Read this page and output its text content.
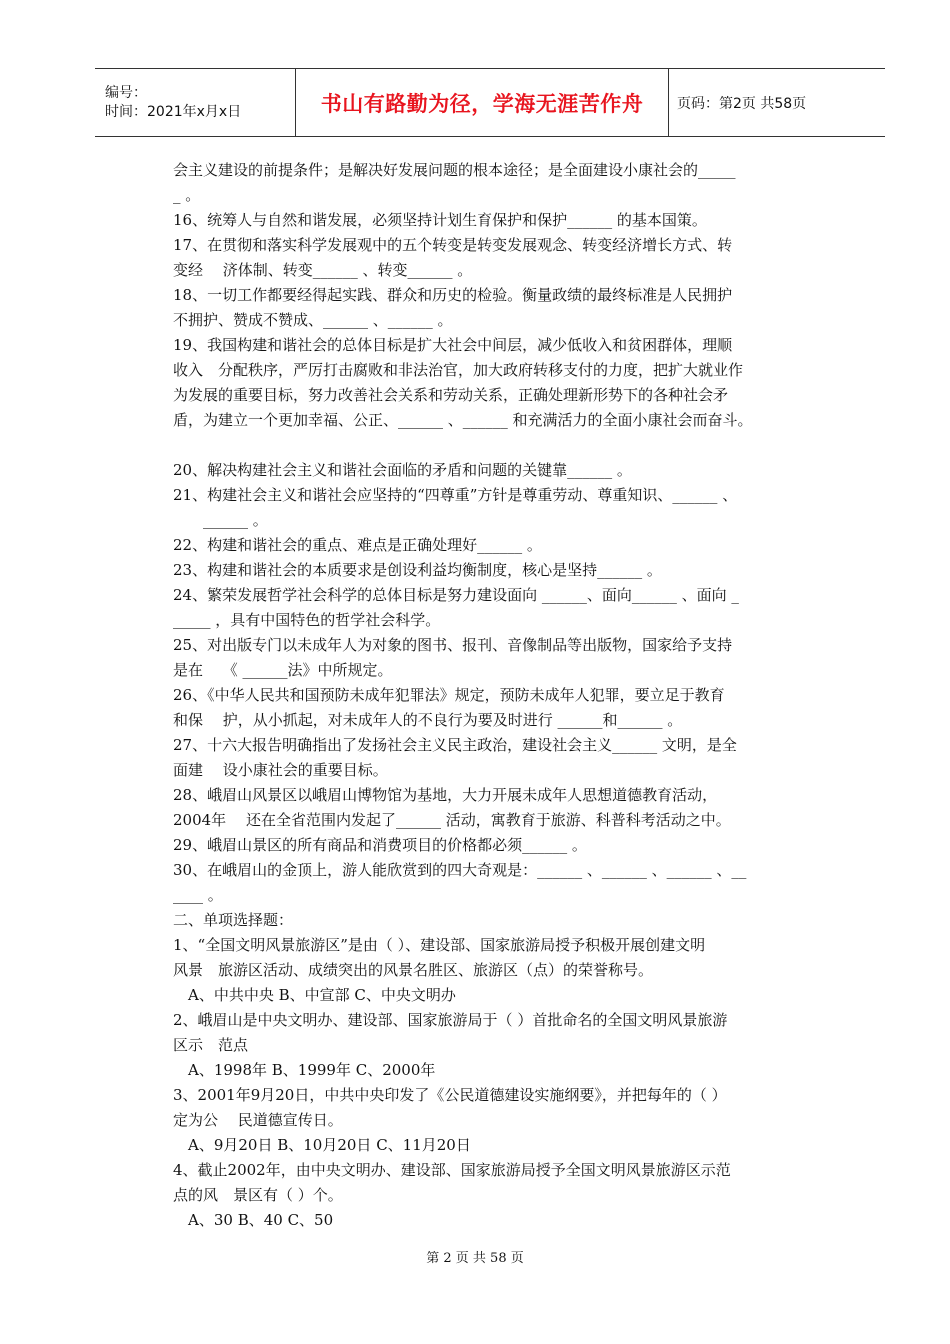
编号：
时间：2021年x月x日	书山有路勤为径，学海无涯苦作舟	页码：第2页 共58页

会主义建设的前提条件；是解决好发展问题的根本途径；是全面建设小康社会的_____

_ 。

16、统筹人与自然和谐发展，必须坚持计划生育保护和保护______ 的基本国策。

17、在贯彻和落实科学发展观中的五个转变是转变发展观念、转变经济增长方式、转

变经　 济体制、转变______ 、转变______ 。

18、一切工作都要经得起实践、群众和历史的检验。衡量政绩的最终标准是人民拥护

不拥护、赞成不赞成、______ 、______ 。

19、我国构建和谐社会的总体目标是扩大社会中间层，减少低收入和贫困群体，理顺

收入　分配秩序，严厉打击腐败和非法治官，加大政府转移支付的力度，把扩大就业作

为发展的重要目标，努力改善社会关系和劳动关系，正确处理新形势下的各种社会矛

盾，为建立一个更加幸福、公正、______ 、______ 和充满活力的全面小康社会而奋斗。

20、解决构建社会主义和谐社会面临的矛盾和问题的关键靠______ 。

21、构建社会主义和谐社会应坚持的“四尊重”方针是尊重劳动、尊重知识、______ 、

　　______ 。

22、构建和谐社会的重点、难点是正确处理好______ 。

23、构建和谐社会的本质要求是创设利益均衡制度，核心是坚持______ 。

24、繁荣发展哲学社会科学的总体目标是努力建设面向 ______、面向______ 、面向 _

_____ ，具有中国特色的哲学社会科学。

25、对出版专门以未成年人为对象的图书、报刊、音像制品等出版物，国家给予支持

是在　 《 ______法》中所规定。

26、《中华人民共和国预防未成年犯罪法》规定，预防未成年人犯罪，要立足于教育

和保　 护，从小抓起，对未成年人的不良行为要及时进行 ______和______ 。

27、十六大报告明确指出了发扬社会主义民主政治，建设社会主义______ 文明，是全

面建　 设小康社会的重要目标。

28、峨眉山风景区以峨眉山博物馆为基地，大力开展未成年人思想道德教育活动，

2004年　 还在全省范围内发起了______ 活动，寓教育于旅游、科普科考活动之中。

29、峨眉山景区的所有商品和消费项目的价格都必须______ 。

30、在峨眉山的金顶上，游人能欣赏到的四大奇观是：______ 、______ 、______ 、__

____ 。

二、单项选择题：

1、“全国文明风景旅游区”是由（ ）、建设部、国家旅游局授予积极开展创建文明

风景　旅游区活动、成绩突出的风景名胜区、旅游区（点）的荣誉称号。

　A、中共中央 B、中宣部 C、中央文明办

2、峨眉山是中央文明办、建设部、国家旅游局于（ ）首批命名的全国文明风景旅游

区示　范点

　A、1998年 B、1999年 C、2000年

3、2001年9月20日，中共中央印发了《公民道德建设实施纲要》，并把每年的（ ）

定为公　 民道德宣传日。

　A、9月20日 B、10月20日 C、11月20日

4、截止2002年，由中央文明办、建设部、国家旅游局授予全国文明风景旅游区示范

点的风　景区有（ ）个。

　A、30 B、40 C、50

第 2 页 共 58 页
